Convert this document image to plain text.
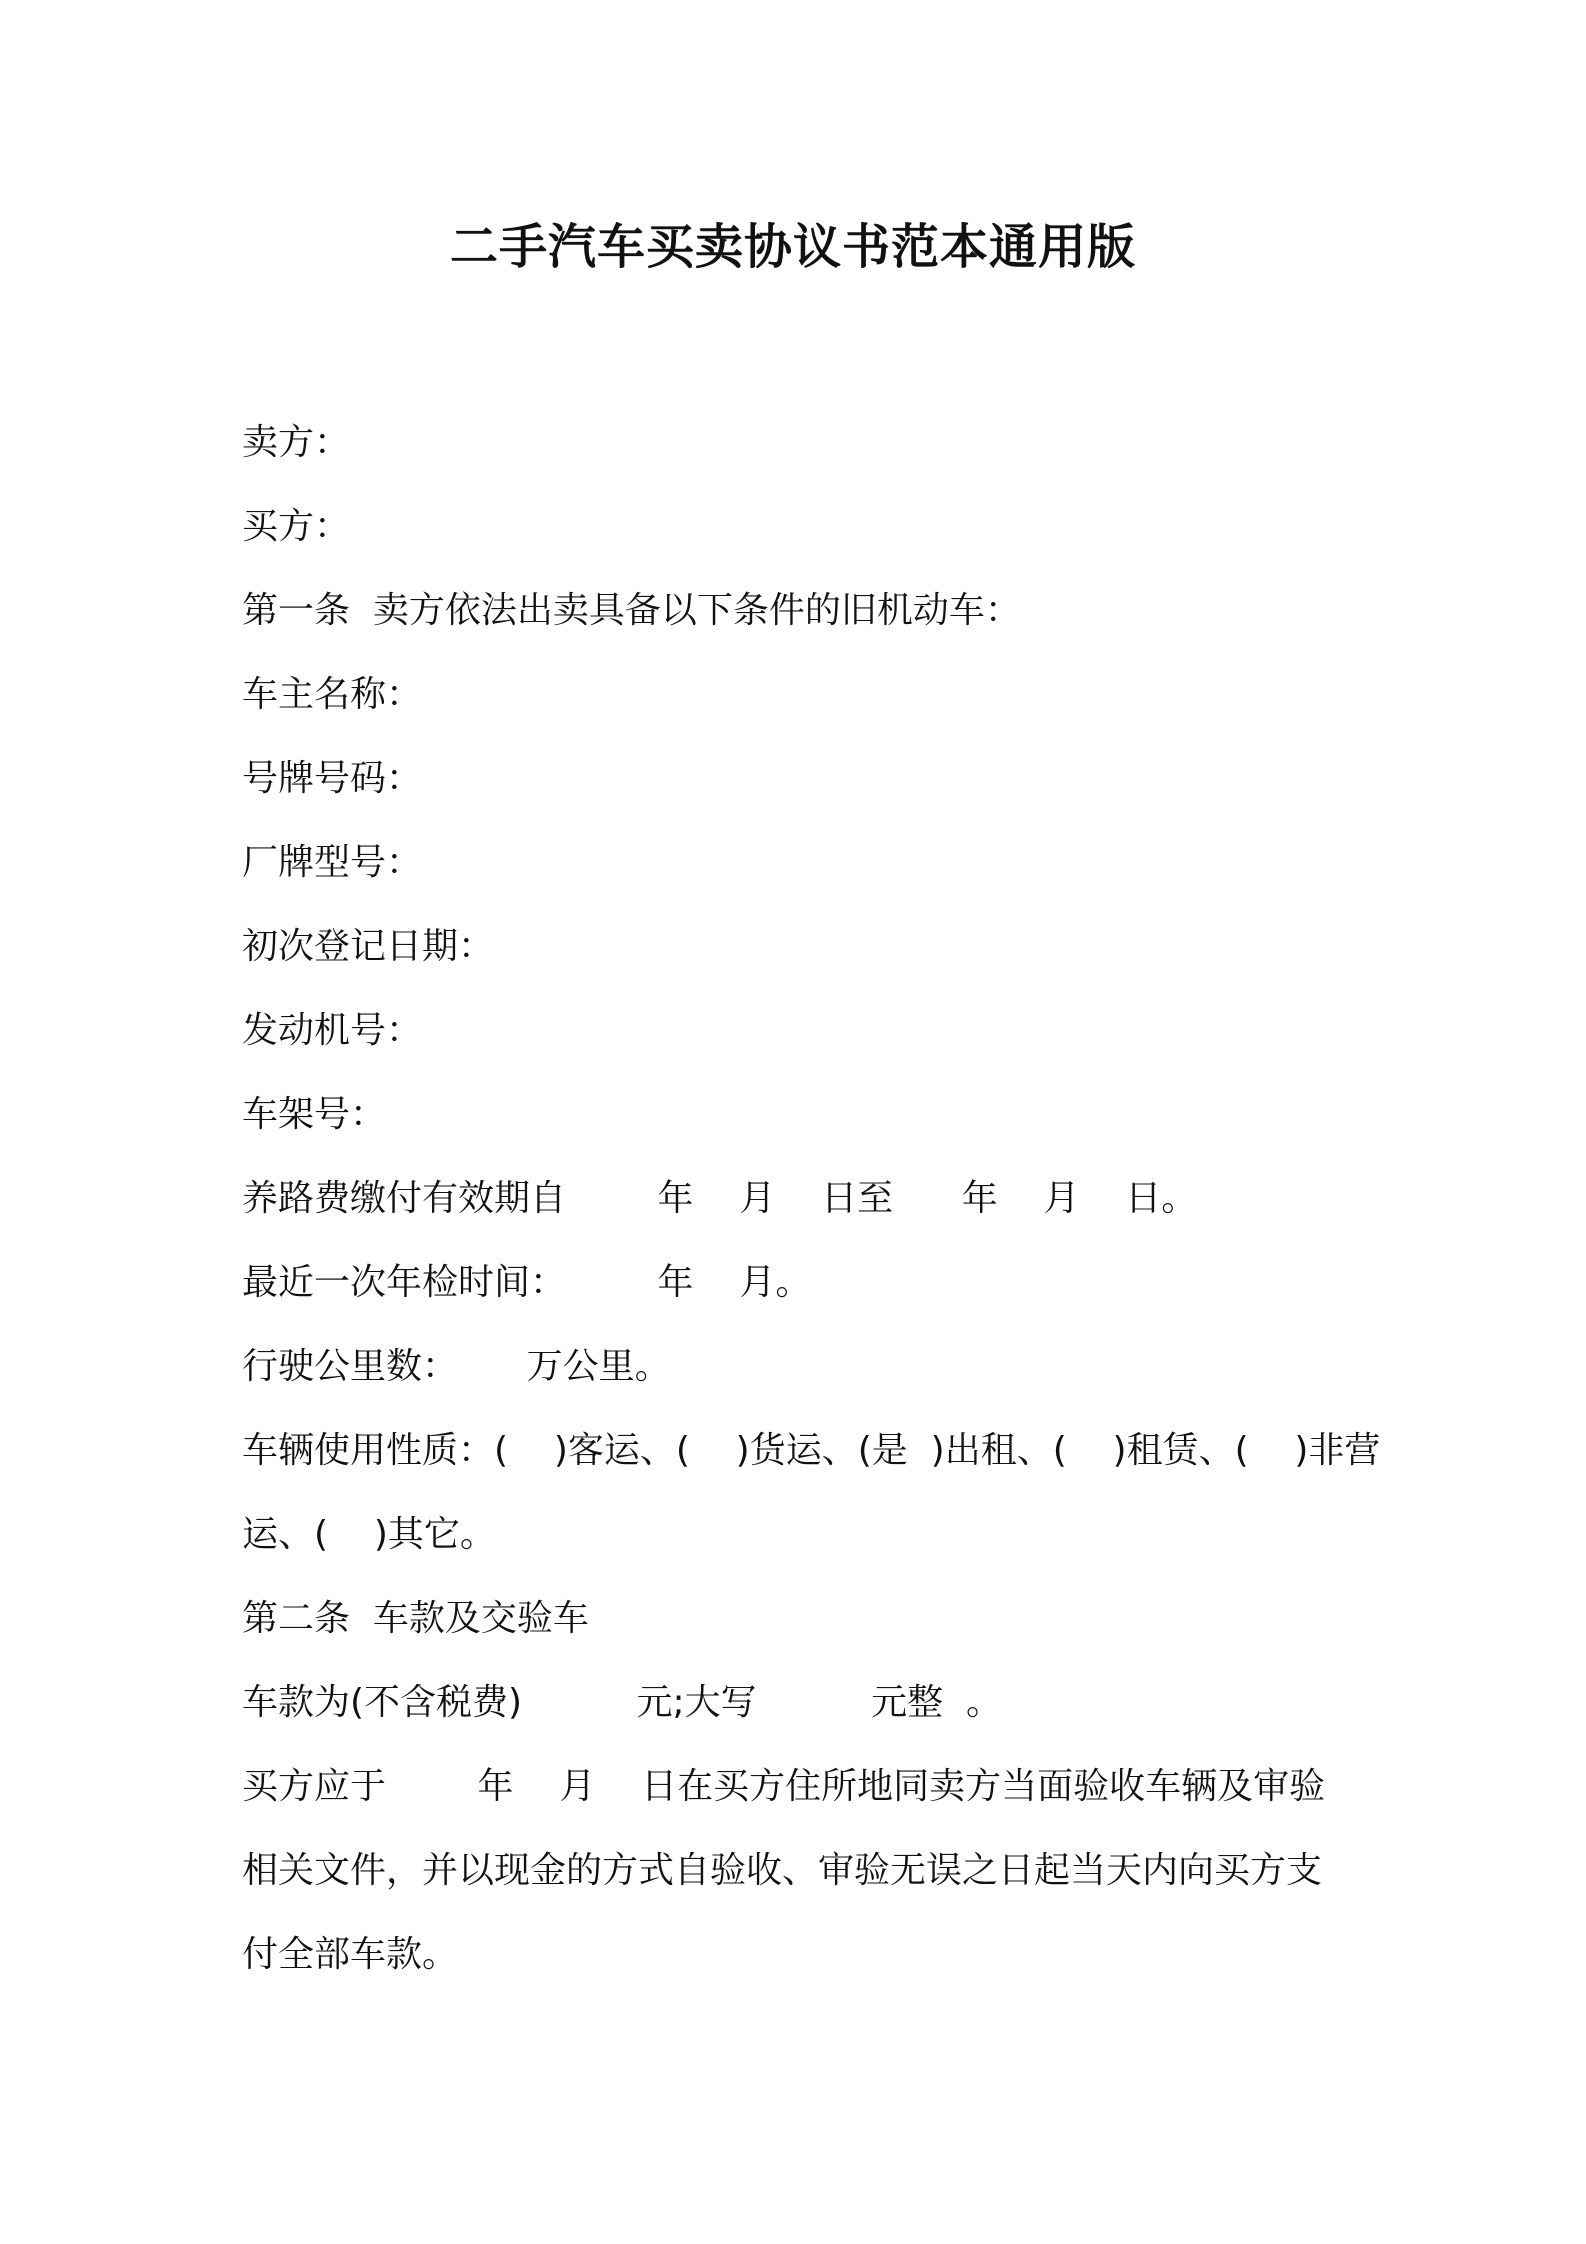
二手汽车买卖协议书范本通用版

卖方：

买方：

第一条  卖方依法出卖具备以下条件的旧机动车：

车主名称：

号牌号码：

厂牌型号：

初次登记日期：

发动机号：

车架号：

养路费缴付有效期自        年    月    日至      年    月    日。

最近一次年检时间：        年    月。

行驶公里数：      万公里。

车辆使用性质：(    )客运、(    )货运、(是  )出租、(    )租赁、(    )非营

运、(    )其它。

第二条  车款及交验车

车款为(不含税费)          元;大写          元整  。

买方应于        年    月    日在买方住所地同卖方当面验收车辆及审验

相关文件，并以现金的方式自验收、审验无误之日起当天内向买方支

付全部车款。
